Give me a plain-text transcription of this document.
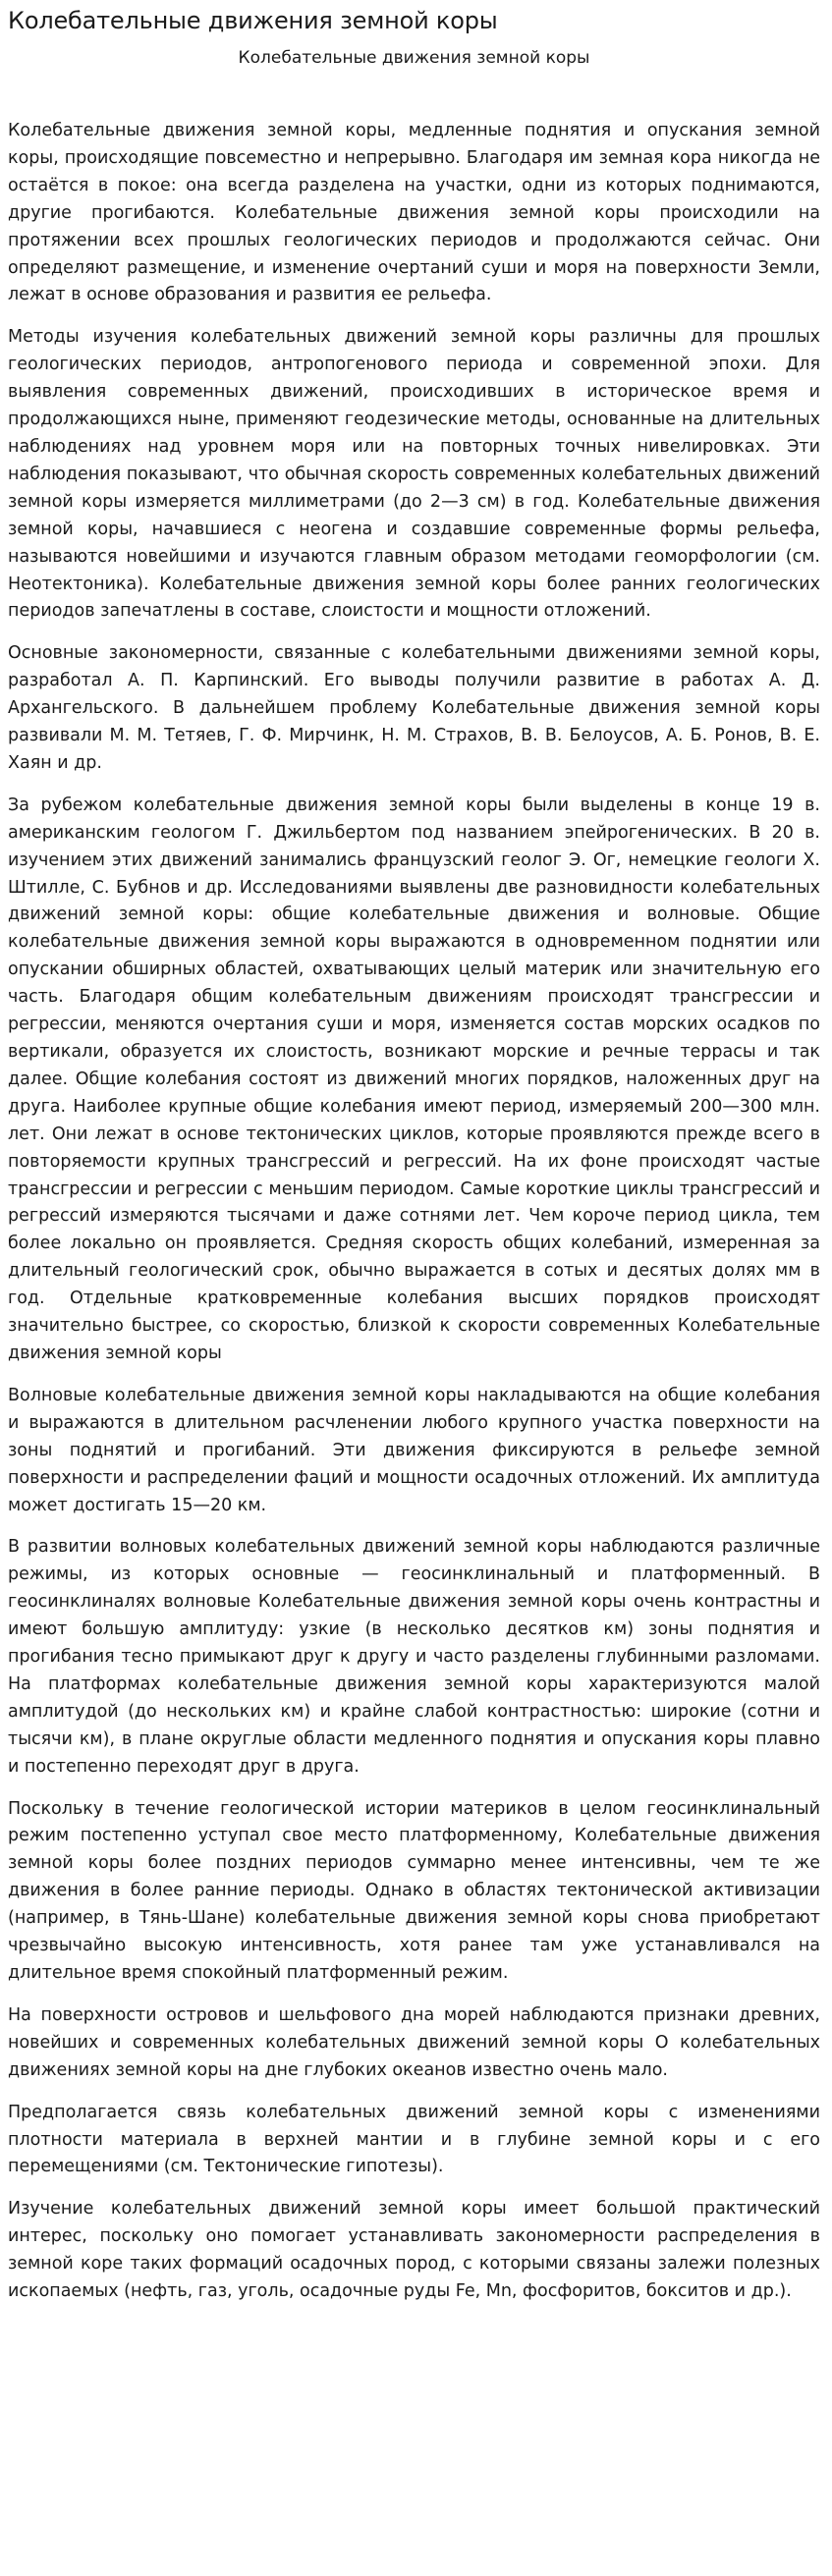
Колебательные движения земной коры
Колебательные движения земной коры

Колебательные движения земной коры, медленные поднятия и опускания земной коры, происходящие повсеместно и непрерывно. Благодаря им земная кора никогда не остаётся в покое: она всегда разделена на участки, одни из которых поднимаются, другие прогибаются. Колебательные движения земной коры происходили на протяжении всех прошлых геологических периодов и продолжаются сейчас. Они определяют размещение, и изменение очертаний суши и моря на поверхности Земли, лежат в основе образования и развития ее рельефа.

Методы изучения колебательных движений земной коры различны для прошлых геологических периодов, антропогенового периода и современной эпохи. Для выявления современных движений, происходивших в историческое время и продолжающихся ныне, применяют геодезические методы, основанные на длительных наблюдениях над уровнем моря или на повторных точных нивелировках. Эти наблюдения показывают, что обычная скорость современных колебательных движений земной коры измеряется миллиметрами (до 2—3 см) в год. Колебательные движения земной коры, начавшиеся с неогена и создавшие современные формы рельефа, называются новейшими и изучаются главным образом методами геоморфологии (см. Неотектоника). Колебательные движения земной коры более ранних геологических периодов запечатлены в составе, слоистости и мощности отложений.

Основные закономерности, связанные с колебательными движениями земной коры, разработал А. П. Карпинский. Его выводы получили развитие в работах А. Д. Архангельского. В дальнейшем проблему Колебательные движения земной коры развивали М. М. Тетяев, Г. Ф. Мирчинк, Н. М. Страхов, В. В. Белоусов, А. Б. Ронов, В. Е. Хаян и др.

За рубежом колебательные движения земной коры были выделены в конце 19 в. американским геологом Г. Джильбертом под названием эпейрогенических. В 20 в. изучением этих движений занимались французский геолог Э. Ог, немецкие геологи Х. Штилле, С. Бубнов и др. Исследованиями выявлены две разновидности колебательных движений земной коры: общие колебательные движения и волновые. Общие колебательные движения земной коры выражаются в одновременном поднятии или опускании обширных областей, охватывающих целый материк или значительную его часть. Благодаря общим колебательным движениям происходят трансгрессии и регрессии, меняются очертания суши и моря, изменяется состав морских осадков по вертикали, образуется их слоистость, возникают морские и речные террасы и так далее. Общие колебания состоят из движений многих порядков, наложенных друг на друга. Наиболее крупные общие колебания имеют период, измеряемый 200—300 млн. лет. Они лежат в основе тектонических циклов, которые проявляются прежде всего в повторяемости крупных трансгрессий и регрессий. На их фоне происходят частые трансгрессии и регрессии с меньшим периодом. Самые короткие циклы трансгрессий и регрессий измеряются тысячами и даже сотнями лет. Чем короче период цикла, тем более локально он проявляется. Средняя скорость общих колебаний, измеренная за длительный геологический срок, обычно выражается в сотых и десятых долях мм в год. Отдельные кратковременные колебания высших порядков происходят значительно быстрее, со скоростью, близкой к скорости современных Колебательные движения земной коры

Волновые колебательные движения земной коры накладываются на общие колебания и выражаются в длительном расчленении любого крупного участка поверхности на зоны поднятий и прогибаний. Эти движения фиксируются в рельефе земной поверхности и распределении фаций и мощности осадочных отложений. Их амплитуда может достигать 15—20 км.

В развитии волновых колебательных движений земной коры наблюдаются различные режимы, из которых основные — геосинклинальный и платформенный. В геосинклиналях волновые Колебательные движения земной коры очень контрастны и имеют большую амплитуду: узкие (в несколько десятков км) зоны поднятия и прогибания тесно примыкают друг к другу и часто разделены глубинными разломами. На платформах колебательные движения земной коры характеризуются малой амплитудой (до нескольких км) и крайне слабой контрастностью: широкие (сотни и тысячи км), в плане округлые области медленного поднятия и опускания коры плавно и постепенно переходят друг в друга.

Поскольку в течение геологической истории материков в целом геосинклинальный режим постепенно уступал свое место платформенному, Колебательные движения земной коры более поздних периодов суммарно менее интенсивны, чем те же движения в более ранние периоды. Однако в областях тектонической активизации (например, в Тянь-Шане) колебательные движения земной коры снова приобретают чрезвычайно высокую интенсивность, хотя ранее там уже устанавливался на длительное время спокойный платформенный режим.

На поверхности островов и шельфового дна морей наблюдаются признаки древних, новейших и современных колебательных движений земной коры О колебательных движениях земной коры на дне глубоких океанов известно очень мало.

Предполагается связь колебательных движений земной коры с изменениями плотности материала в верхней мантии и в глубине земной коры и с его перемещениями (см. Тектонические гипотезы).

Изучение колебательных движений земной коры имеет большой практический интерес, поскольку оно помогает устанавливать закономерности распределения в земной коре таких формаций осадочных пород, с которыми связаны залежи полезных ископаемых (нефть, газ, уголь, осадочные руды Fe, Mn, фосфоритов, бокситов и др.).
